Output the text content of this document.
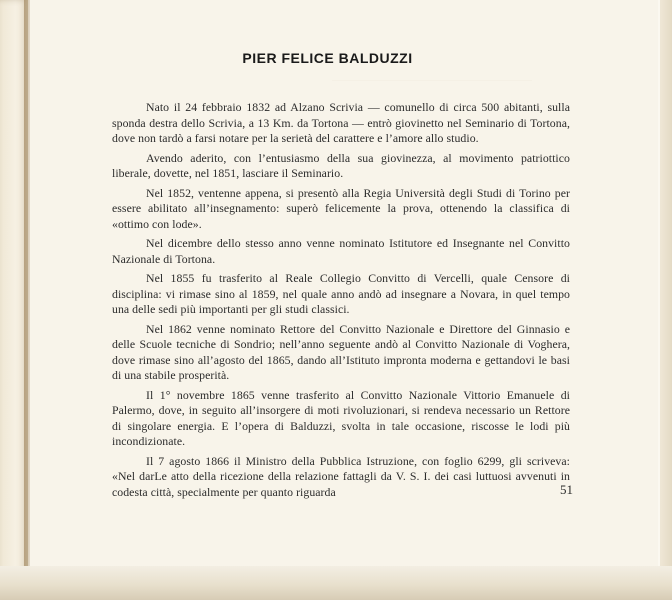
PIER FELICE BALDUZZI

Nato il 24 febbraio 1832 ad Alzano Scrivia — comunello di circa 500 abitanti, sulla sponda destra dello Scrivia, a 13 Km. da Tortona — entrò giovinetto nel Seminario di Tortona, dove non tardò a farsi notare per la serietà del carattere e l’amore allo studio.

Avendo aderito, con l’entusiasmo della sua giovinezza, al movimento patriottico liberale, dovette, nel 1851, lasciare il Seminario.

Nel 1852, ventenne appena, si presentò alla Regia Università degli Studi di Torino per essere abilitato all’insegnamento: superò felicemente la prova, ottenendo la classifica di «ottimo con lode».

Nel dicembre dello stesso anno venne nominato Istitutore ed Insegnante nel Convitto Nazionale di Tortona.

Nel 1855 fu trasferito al Reale Collegio Convitto di Vercelli, quale Censore di disciplina: vi rimase sino al 1859, nel quale anno andò ad insegnare a Novara, in quel tempo una delle sedi più importanti per gli studi classici.

Nel 1862 venne nominato Rettore del Convitto Nazionale e Direttore del Ginnasio e delle Scuole tecniche di Sondrio; nell’anno seguente andò al Convitto Nazionale di Voghera, dove rimase sino all’agosto del 1865, dando all’Istituto impronta moderna e gettandovi le basi di una stabile prosperità.

Il 1° novembre 1865 venne trasferito al Convitto Nazionale Vittorio Emanuele di Palermo, dove, in seguito all’insorgere di moti rivoluzionari, si rendeva necessario un Rettore di singolare energia. E l’opera di Balduzzi, svolta in tale occasione, riscosse le lodi più incondizionate.

Il 7 agosto 1866 il Ministro della Pubblica Istruzione, con foglio 6299, gli scriveva: «Nel darLe atto della ricezione della relazione fattagli da V. S. I. dei casi luttuosi avvenuti in codesta città, specialmente per quanto riguarda	51
